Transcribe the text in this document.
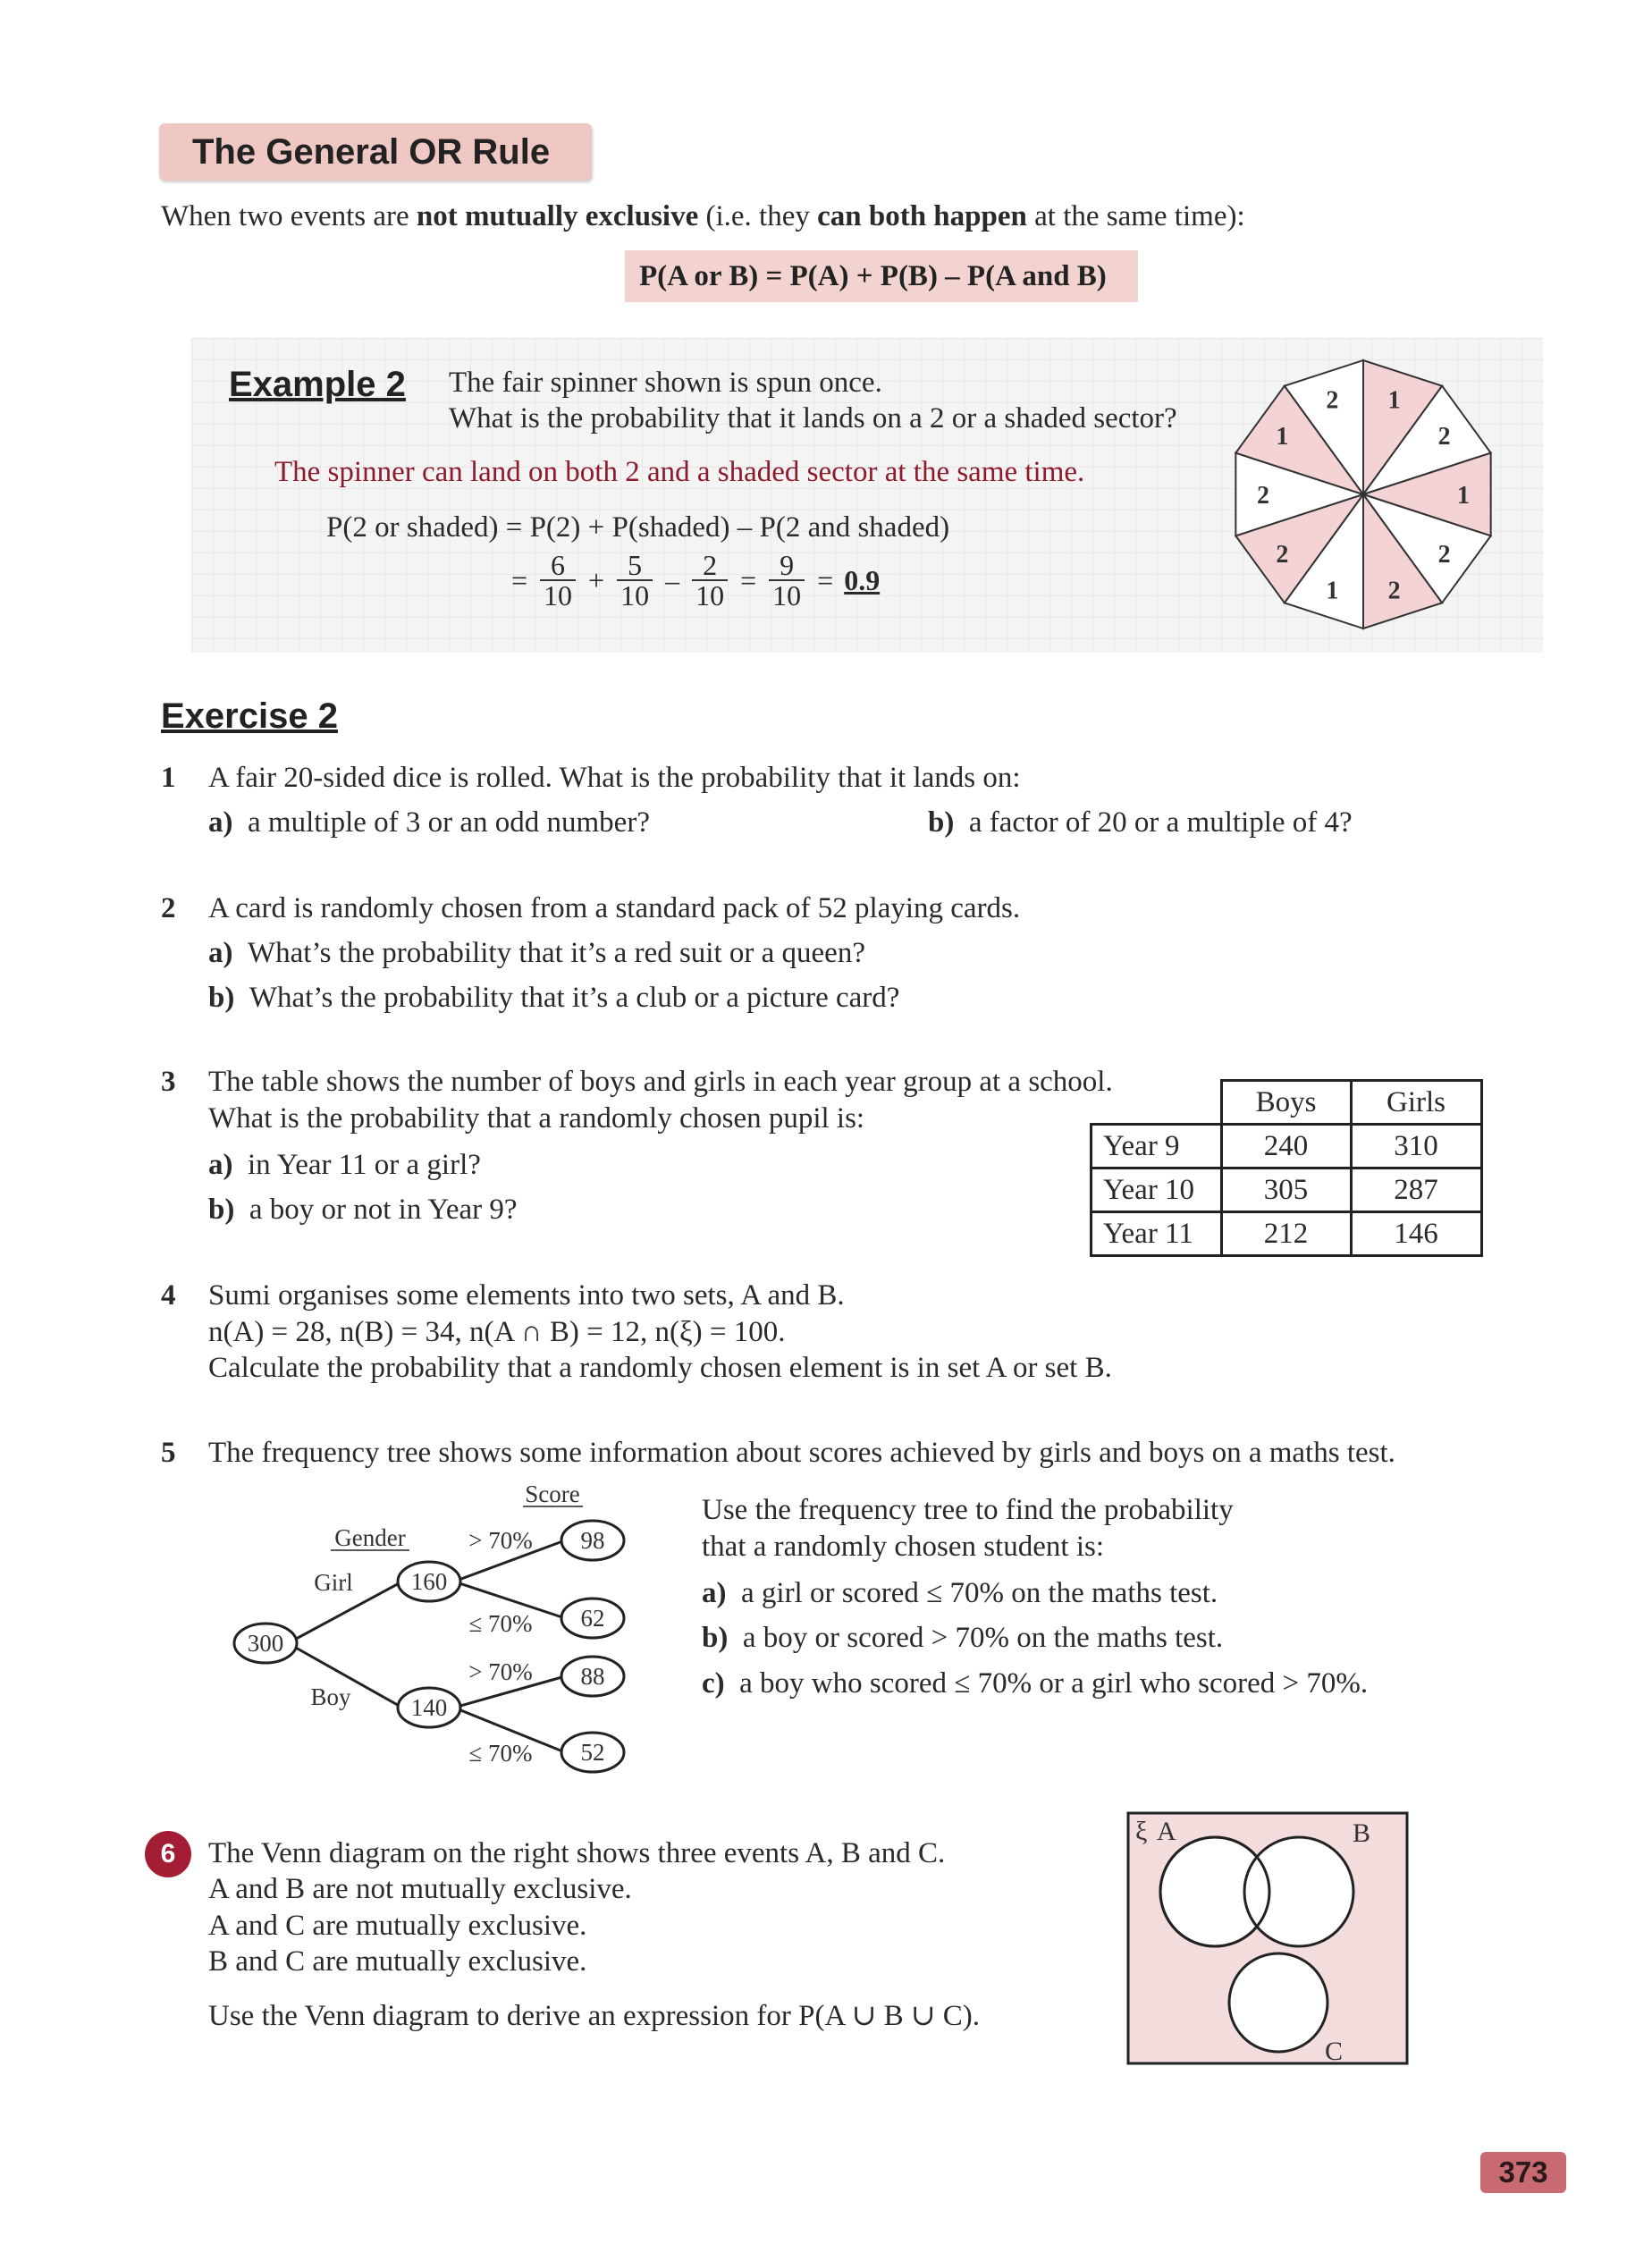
The General OR Rule
When two events are not mutually exclusive (i.e. they can both happen at the same time):
P(A or B) = P(A) + P(B) – P(A and B)
Example 2 The fair spinner shown is spun once.
What is the probability that it lands on a 2 or a shaded sector?
The spinner can land on both 2 and a shaded sector at the same time.
P(2 or shaded) = P(2) + P(shaded) – P(2 and shaded)
= $\frac{6}{10} + \frac{5}{10} - \frac{2}{10} = \frac{9}{10} = 0.9$
1
2
1
2
2
1
2
2
1
2
Exercise 2
1 A fair 20-sided dice is rolled. What is the probability that it lands on:
a) a multiple of 3 or an odd number?	b) a factor of 20 or a multiple of 4?
2 A card is randomly chosen from a standard pack of 52 playing cards.
a) What’s the probability that it’s a red suit or a queen?
b) What’s the probability that it’s a club or a picture card?
3 The table shows the number of boys and girls in each year group at a school.
What is the probability that a randomly chosen pupil is:
a) in Year 11 or a girl?
b) a boy or not in Year 9?
	Boys	Girls
Year 9	240	310
Year 10	305	287
Year 11	212	146
4 Sumi organises some elements into two sets, A and B.
n(A) = 28, n(B) = 34, n(A ∩ B) = 12, n(ξ) = 100.
Calculate the probability that a randomly chosen element is in set A or set B.
5 The frequency tree shows some information about scores achieved by girls and boys on a maths test.
Score
Gender
300
160
140
Girl
Boy
> 70%
≤ 70%
> 70%
≤ 70%
98
62
88
52
Use the frequency tree to find the probability
that a randomly chosen student is:
a) a girl or scored ≤ 70% on the maths test.
b) a boy or scored > 70% on the maths test.
c) a boy who scored ≤ 70% or a girl who scored > 70%.
6	The Venn diagram on the right shows three events A, B and C.
A and B are not mutually exclusive.
A and C are mutually exclusive.
B and C are mutually exclusive.
Use the Venn diagram to derive an expression for P(A ∪ B ∪ C).
ξ A	B
C
373
